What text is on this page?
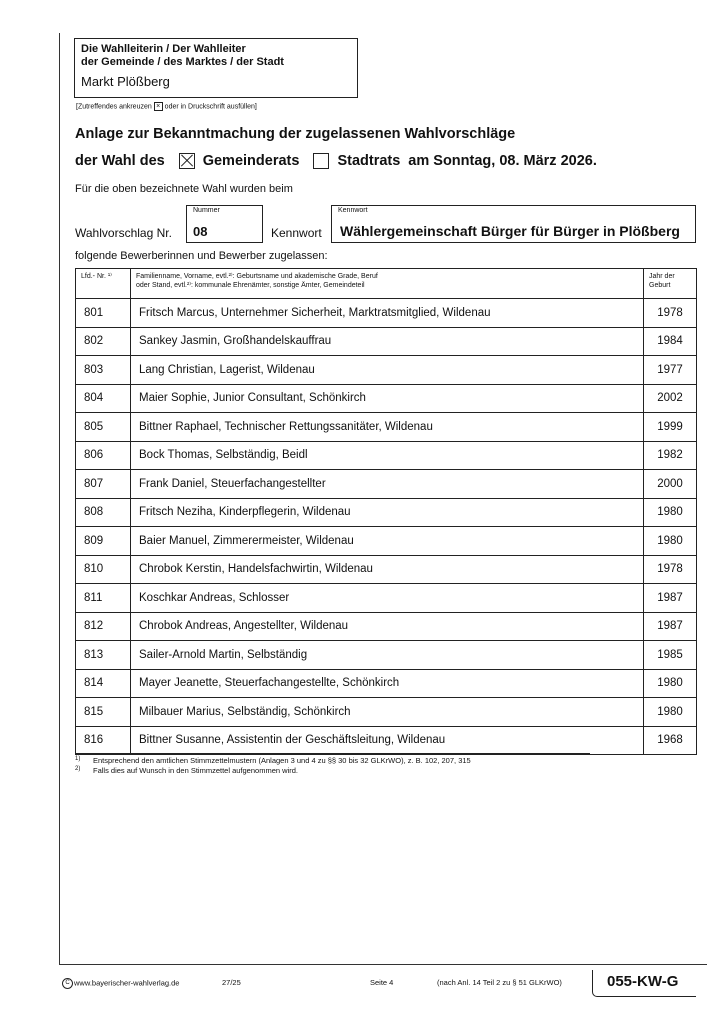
Die Wahlleiterin / Der Wahlleiter
der Gemeinde / des Marktes / der Stadt
Markt Plößberg
[Zutreffendes ankreuzen × oder in Druckschrift ausfüllen]
Anlage zur Bekanntmachung der zugelassenen Wahlvorschläge
der Wahl des	Gemeinderats	Stadtrats am Sonntag, 08. März 2026.
Für die oben bezeichnete Wahl wurden beim
Wahlvorschlag Nr.
Nummer
08	Kennwort
Kennwort
Wählergemeinschaft Bürger für Bürger in Plößberg
folgende Bewerberinnen und Bewerber zugelassen:
Lfd.- Nr. ¹⁾	Familienname, Vorname, evtl.²⁾: Geburtsname und akademische Grade, Beruf
oder Stand, evtl.²⁾: kommunale Ehrenämter, sonstige Ämter, Gemeindeteil	Jahr der Geburt
801	Fritsch Marcus, Unternehmer Sicherheit, Marktratsmitglied, Wildenau	1978
802	Sankey Jasmin, Großhandelskauffrau	1984
803	Lang Christian, Lagerist, Wildenau	1977
804	Maier Sophie, Junior Consultant, Schönkirch	2002
805	Bittner Raphael, Technischer Rettungssanitäter, Wildenau	1999
806	Bock Thomas, Selbständig, Beidl	1982
807	Frank Daniel, Steuerfachangestellter	2000
808	Fritsch Neziha, Kinderpflegerin, Wildenau	1980
809	Baier Manuel, Zimmerermeister, Wildenau	1980
810	Chrobok Kerstin, Handelsfachwirtin, Wildenau	1978
811	Koschkar Andreas, Schlosser	1987
812	Chrobok Andreas, Angestellter, Wildenau	1987
813	Sailer-Arnold Martin, Selbständig	1985
814	Mayer Jeanette, Steuerfachangestellte, Schönkirch	1980
815	Milbauer Marius, Selbständig, Schönkirch	1980
816	Bittner Susanne, Assistentin der Geschäftsleitung, Wildenau	1968
1) Entsprechend den amtlichen Stimmzettelmustern (Anlagen 3 und 4 zu §§ 30 bis 32 GLKrWO), z. B. 102, 207, 315
2) Falls dies auf Wunsch in den Stimmzettel aufgenommen wird.
C www.bayerischer-wahlverlag.de	27/25	Seite 4	(nach Anl. 14 Teil 2 zu § 51 GLKrWO)	055-KW-G
